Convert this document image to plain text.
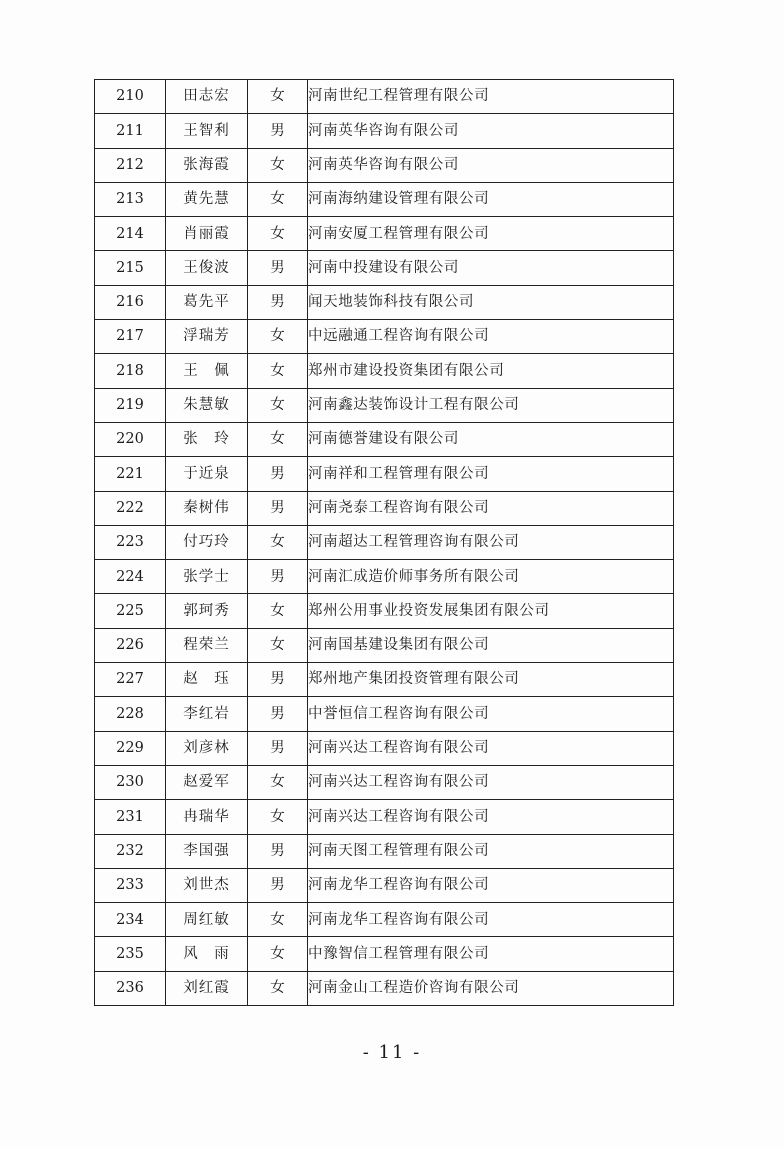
210	田志宏	女	河南世纪工程管理有限公司
211	王智利	男	河南英华咨询有限公司
212	张海霞	女	河南英华咨询有限公司
213	黄先慧	女	河南海纳建设管理有限公司
214	肖丽霞	女	河南安厦工程管理有限公司
215	王俊波	男	河南中投建设有限公司
216	葛先平	男	闻天地装饰科技有限公司
217	浮瑞芳	女	中远融通工程咨询有限公司
218	王　佩	女	郑州市建设投资集团有限公司
219	朱慧敏	女	河南鑫达装饰设计工程有限公司
220	张　玲	女	河南德誉建设有限公司
221	于近泉	男	河南祥和工程管理有限公司
222	秦树伟	男	河南尧泰工程咨询有限公司
223	付巧玲	女	河南超达工程管理咨询有限公司
224	张学士	男	河南汇成造价师事务所有限公司
225	郭珂秀	女	郑州公用事业投资发展集团有限公司
226	程荣兰	女	河南国基建设集团有限公司
227	赵　珏	男	郑州地产集团投资管理有限公司
228	李红岩	男	中誉恒信工程咨询有限公司
229	刘彦林	男	河南兴达工程咨询有限公司
230	赵爱军	女	河南兴达工程咨询有限公司
231	冉瑞华	女	河南兴达工程咨询有限公司
232	李国强	男	河南天图工程管理有限公司
233	刘世杰	男	河南龙华工程咨询有限公司
234	周红敏	女	河南龙华工程咨询有限公司
235	风　雨	女	中豫智信工程管理有限公司
236	刘红霞	女	河南金山工程造价咨询有限公司
- 11 -
